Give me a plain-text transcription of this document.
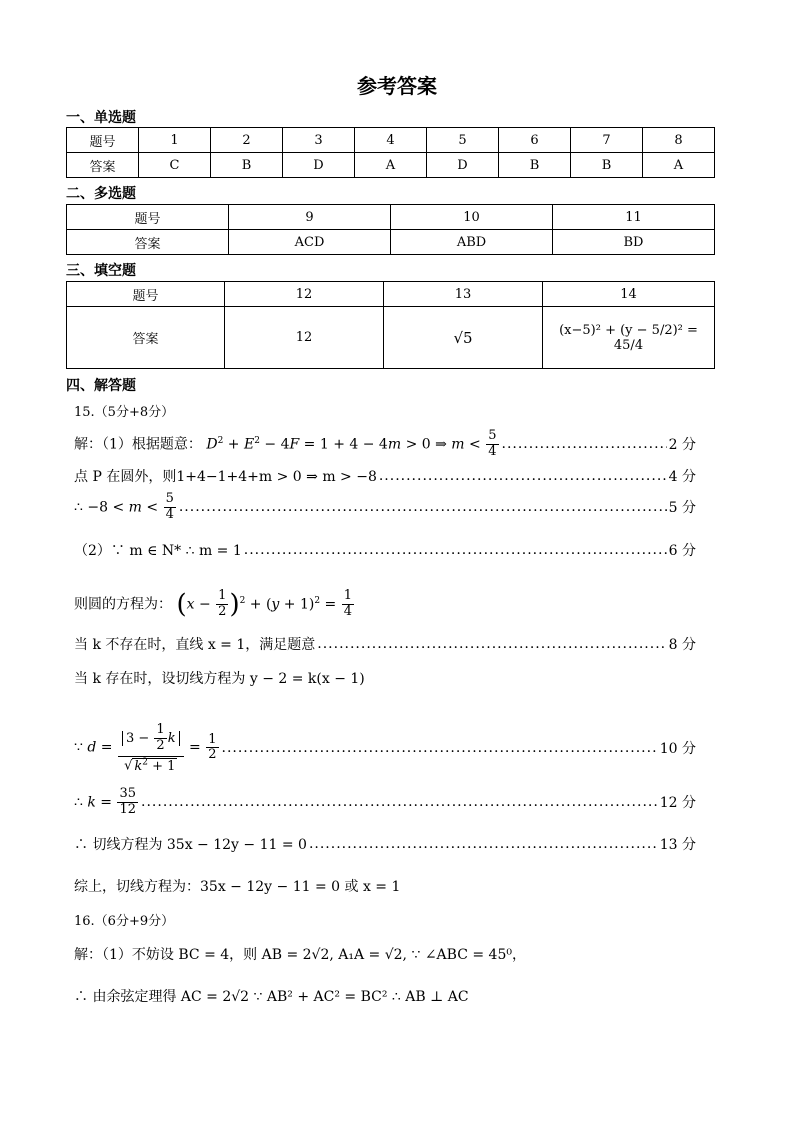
参考答案
一、单选题
题号	1	2	3	4	5	6	7	8
答案	C	B	D	A	D	B	B	A
二、多选题
题号	9	10	11
答案	ACD	ABD	BD
三、填空题
题号	12	13	14
答案	12	√5	(x−5)² + (y − 5/2)² = 45/4
四、解答题
15.（5分+8分）
解：（1）根据题意： $D^2 + E^2 - 4F = 1 + 4 - 4m > 0$ ⇒ $m < \frac{5}{4}$ .....	2 分
点 P 在圆外，则1+4−1+4+m > 0 ⇒ m > −8 .....	4 分
∴ $-8 < m < \frac{5}{4}$ .....	5 分
（2）∵ m ∈ N* ∴ m = 1 .....	6 分
则圆的方程为： $(x - \frac{1}{2} )^2 + (y + 1)^2 = \frac{1}{4}$
当 k 不存在时，直线 x = 1，满足题意 .....	8 分
当 k 存在时，设切线方程为 y − 2 = k(x − 1)
∵ $d = \frac{3 - \frac{1}{2} k}{√ k^2 + 1} = \frac{1}{2}$ .....	10 分
∴ $k = \frac{35}{12}$ .....	12 分
∴ 切线方程为 35x − 12y − 11 = 0 .....	13 分
综上，切线方程为：35x − 12y − 11 = 0 或 x = 1
16.（6分+9分）
解：（1）不妨设 BC = 4，则 AB = 2√2, A₁A = √2, ∵ ∠ABC = 45⁰，
∴ 由余弦定理得 AC = 2√2 ∵ AB² + AC² = BC² ∴ AB ⊥ AC
